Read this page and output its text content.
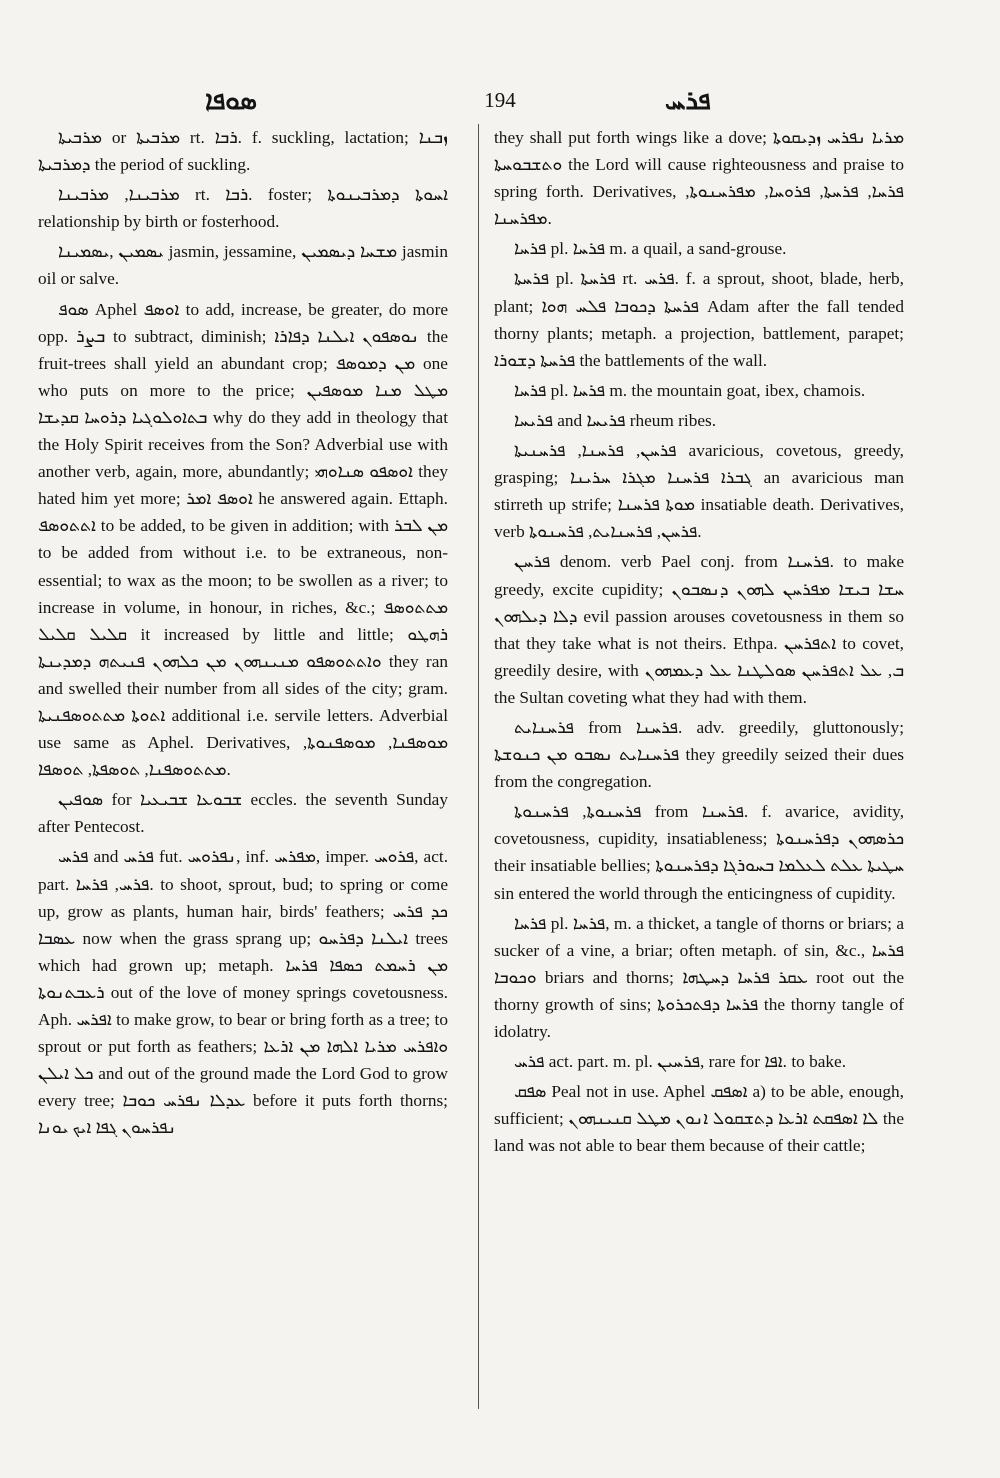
ܣܘܦܐ	194	ܦܪܚ

ܡܪܒܝܬܐ or ܡܪܒܝܬܐ rt. ܪܒܐ. f. suckling, lactation; ܙܒܢܐ ܕܡܪܒܝܬܐ the period of suckling.

ܡܪܒܝܢܐ, ܡܪܒܝܢܐ rt. ܪܒܐ. foster; ܐܚܘܬܐ ܕܡܪܒܝܢܘܬܐ relationship by birth or fosterhood.

ܝܣܡܝܢ ,ܝܣܡܝܢܐ jasmin, jessamine, ܡܫܚܐ ܕܝܣܡܝܢ jasmin oil or salve.

ܣܘܦ Aphel ܐܘܣܦ to add, increase, be greater, do more opp. ܒܨܪ to subtract, diminish; ܢܘܣܦܘܢ ܐܝܠܢܐ ܕܦܐܪܐ the fruit-trees shall yield an abundant crop; ܡܢ ܕܡܘܣܦ one who puts on more to the price; ܡܛܠ ܡܢܐ ܡܘܣܦܝܢ ܒܬܐܘܠܘܓܝܐ ܕܪܘܚܐ ܩܕܝܫܐ why do they add in theology that the Holy Spirit receives from the Son? Adverbial use with another verb, again, more, abundantly; ܐܘܣܦܘ ܣܢܐܘܗܝ they hated him yet more; ܐܘܣܦ ܐܡܪ he answered again. Ettaph. ܐܬܬܘܣܦ to be added, to be given in addition; with ܡܢ ܠܒܪ to be added from without i.e. to be extraneous, non-essential; to wax as the moon; to be swollen as a river; to increase in volume, in honour, in riches, &c.; ܡܬܬܘܣܦ ܩܠܝܠ ܩܠܝܠ it increased by little and little; ܪܗܛܘ ܘܐܬܬܘܣܦܘ ܡܢܝܢܗܘܢ ܡܢ ܟܠܗܘܢ ܦܢܝܬܗ ܕܡܕܝܢܬܐ they ran and swelled their number from all sides of the city; gram. ܐܬܘܬܐ ܡܬܬܘܣܦܢܝܬܐ additional i.e. servile letters. Adverbial use same as Aphel. Derivatives, ܡܘܣܦܢܐ, ܡܘܣܦܢܘܬܐ, ܡܬܬܘܣܦܢܐ, ܬܘܣܦܬܐ, ܬܘܣܦܐ.

ܣܘܦܝܢ for ܫܒܘܥܐ ܫܒܝܥܝܐ eccles. the seventh Sunday after Pentecost.

ܦܪܚ and ܦܪܚ fut. ܢܦܪܘܚ, inf. ܡܦܪܚ, imper. ܦܪܘܚ, act. part. ܦܪܚ, ܦܪܚܐ. to shoot, sprout, bud; to spring or come up, grow as plants, human hair, birds' feathers; ܟܕ ܦܪܚ ܥܣܒܐ now when the grass sprang up; ܐܝܠܢܐ ܕܦܪܚܘ trees which had grown up; metaph. ܡܢ ܪܚܡܬ ܟܣܦܐ ܦܪܚܐ ܪܥܒܬܢܘܬܐ out of the love of money springs covetousness. Aph. ܐܦܪܚ to make grow, to bear or bring forth as a tree; to sprout or put forth as feathers; ܘܐܦܪܚ ܡܪܝܐ ܐܠܗܐ ܡܢ ܐܪܥܐ ܟܠ ܐܝܠܢ and out of the ground made the Lord God to grow every tree; ܥܕܠܐ ܢܦܪܚ ܟܘܒܐ before it puts forth thorns; ܢܦܪܚܘܢ ܓܦܐ ܐܝܟ ܝܘܢܐ

they shall put forth wings like a dove; ܡܪܝܐ ܢܦܪܚ ܙܕܝܩܘܬܐ ܘܬܫܒܘܚܬܐ the Lord will cause righteousness and praise to spring forth. Derivatives, ܦܪܚܐ, ܦܪܚܬܐ, ܦܪܘܚܐ, ܡܦܪܚܢܘܬܐ, ܡܦܪܚܢܐ.

ܦܪܚܐ pl. ܦܪܚܐ m. a quail, a sand-grouse.

ܦܪܚܬܐ pl. ܦܪܚܬܐ rt. ܦܪܚ. f. a sprout, shoot, blade, herb, plant; ܦܪܚܬܐ ܕܟܘܒܐ ܦܠܚ ܗܘܐ Adam after the fall tended thorny plants; metaph. a projection, battlement, parapet; ܦܪܚܬܐ ܕܫܘܪܐ the battlements of the wall.

ܦܪܚܐ pl. ܦܪܚܐ m. the mountain goat, ibex, chamois.

ܦܪܝܚܐ and ܦܪܝܚܐ rheum ribes.

ܦܪܚܢ, ܦܪܚܢܐ, ܦܪܚܢܝܬܐ avaricious, covetous, greedy, grasping; ܓܒܪܐ ܦܪܚܢܐ ܡܓܪܐ ܚܪܝܢܐ an avaricious man stirreth up strife; ܡܘܬܐ ܦܪܚܢܐ insatiable death. Derivatives, verb ܦܪܚܢ, ܦܪܚܢܐܝܬ, ܦܪܚܢܘܬܐ.

ܦܪܚܢ denom. verb Pael conj. from ܦܪܚܢܐ. to make greedy, excite cupidity; ܚܫܐ ܒܝܫܐ ܡܦܪܚܢ ܠܗܘܢ ܕܢܣܒܘܢ ܕܠܐ ܕܝܠܗܘܢ evil passion arouses covetousness in them so that they take what is not theirs. Ethpa. ܐܬܦܪܚܢ to covet, greedily desire, with ܒ, ܥܠ ܐܬܦܪܚܢ ܣܘܠܛܢܐ ܥܠ ܕܥܡܗܘܢ the Sultan coveting what they had with them.

ܦܪܚܢܐܝܬ from ܦܪܚܢܐ. adv. greedily, gluttonously; ܦܪܚܢܐܝܬ ܢܣܒܘ ܡܢ ܟܢܘܫܬܐ they greedily seized their dues from the congregation.

ܦܪܚܢܘܬܐ, ܦܪܚܢܘܬܐ from ܦܪܚܢܐ. f. avarice, avidity, covetousness, cupidity, insatiableness; ܟܪܣܗܘܢ ܕܦܪܚܢܘܬܐ their insatiable bellies; ܚܛܝܬܐ ܥܠܬ ܠܥܠܡܐ ܒܚܘܪܓܐ ܕܦܪܚܢܘܬܐ sin entered the world through the enticingness of cupidity.

ܦܪܚܐ pl. ܦܪܚܐ, m. a thicket, a tangle of thorns or briars; a sucker of a vine, a briar; often metaph. of sin, &c., ܦܪܚܐ ܘܟܘܒܐ briars and thorns; ܥܩܪ ܦܪܚܐ ܕܚܛܗܐ root out the thorny growth of sins; ܦܪܚܐ ܕܦܬܟܪܘܬܐ the thorny tangle of idolatry.

ܦܪܚ act. part. m. pl. ܦܪܚܝܢ, rare for ܐܦܐ. to bake.

ܣܦܩ Peal not in use. Aphel ܐܣܦܩ a) to be able, enough, sufficient; ܠܐ ܐܣܦܩܬ ܐܪܥܐ ܕܬܫܩܘܠ ܐܢܘܢ ܡܛܠ ܩܢܝܢܗܘܢ the land was not able to bear them because of their cattle;
